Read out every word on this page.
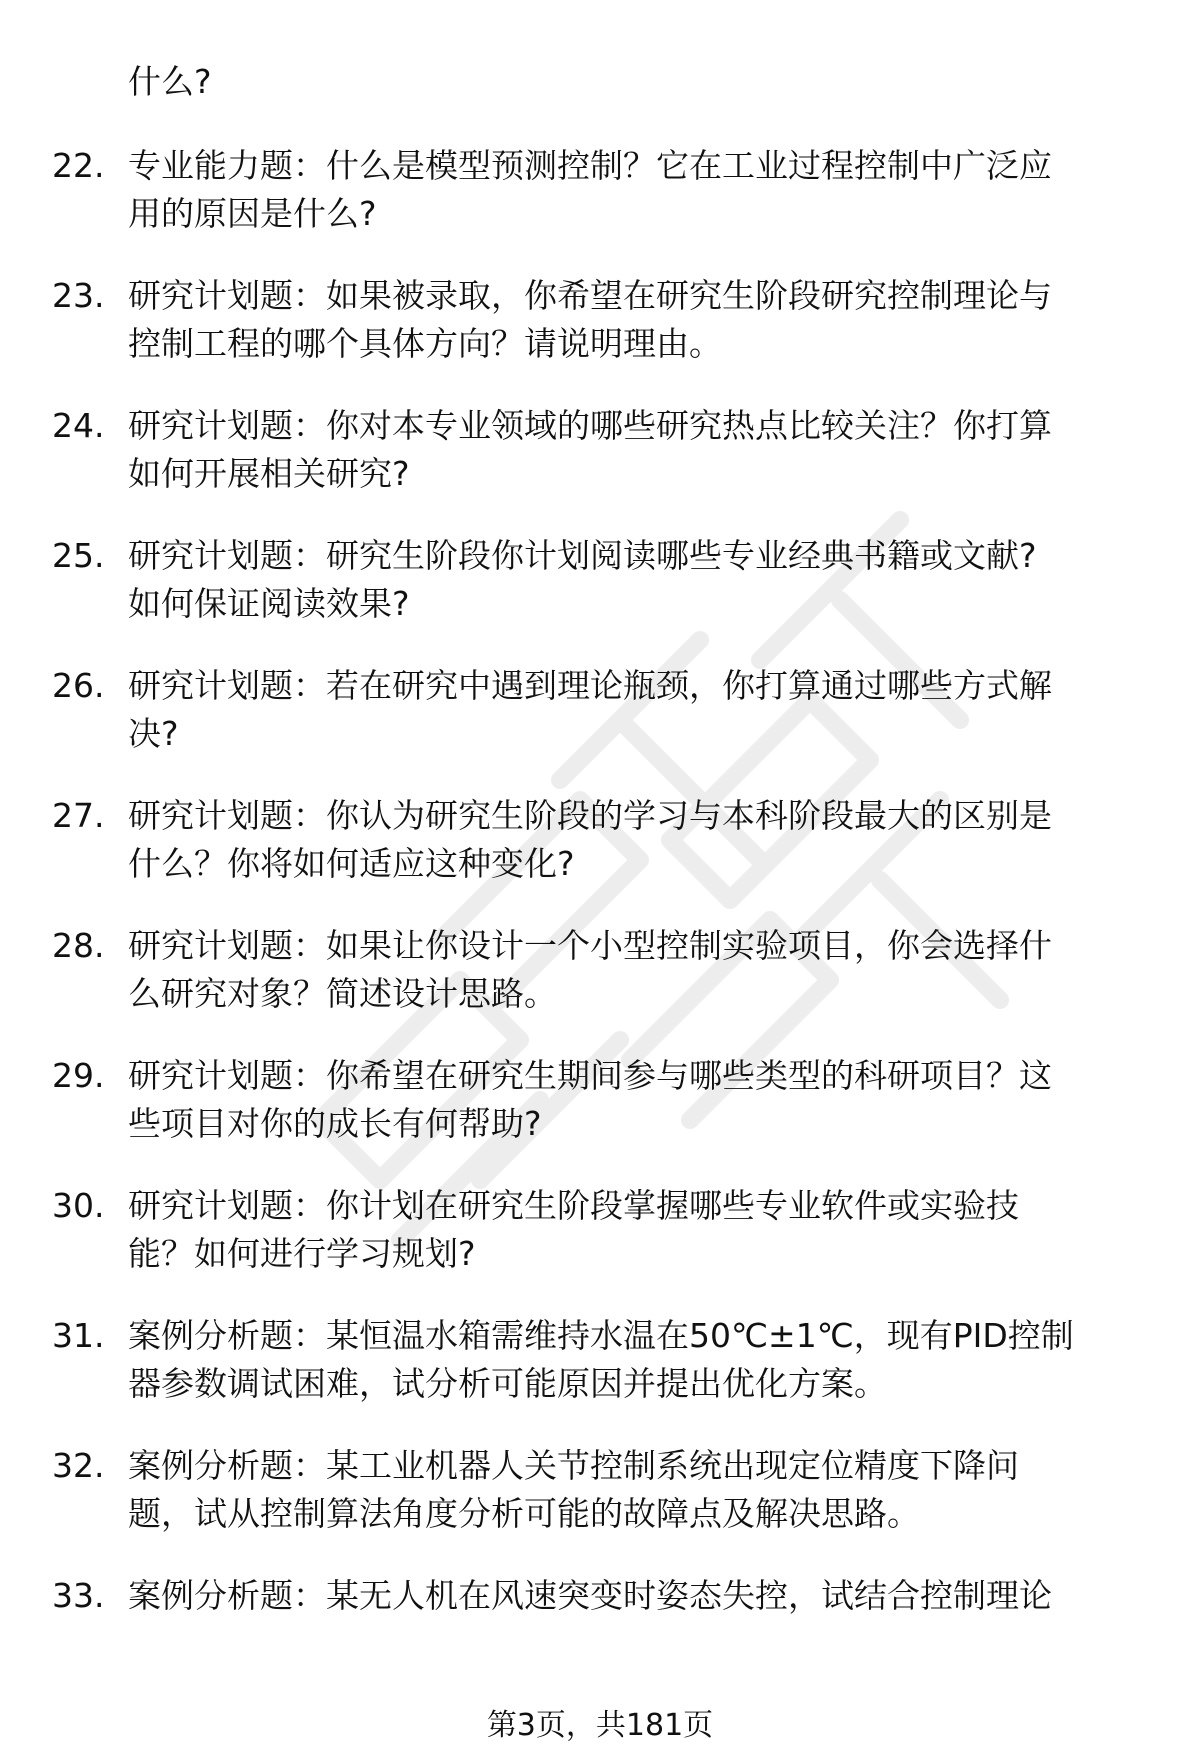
什么?
22. 专业能力题：什么是模型预测控制？它在工业过程控制中广泛应
用的原因是什么?
23. 研究计划题：如果被录取，你希望在研究生阶段研究控制理论与
控制工程的哪个具体方向？请说明理由。
24. 研究计划题：你对本专业领域的哪些研究热点比较关注？你打算
如何开展相关研究?
25. 研究计划题：研究生阶段你计划阅读哪些专业经典书籍或文献?
如何保证阅读效果?
26. 研究计划题：若在研究中遇到理论瓶颈，你打算通过哪些方式解
决?
27. 研究计划题：你认为研究生阶段的学习与本科阶段最大的区别是
什么？你将如何适应这种变化?
28. 研究计划题：如果让你设计一个小型控制实验项目，你会选择什
么研究对象？简述设计思路。
29. 研究计划题：你希望在研究生期间参与哪些类型的科研项目？这
些项目对你的成长有何帮助?
30. 研究计划题：你计划在研究生阶段掌握哪些专业软件或实验技
能？如何进行学习规划?
31. 案例分析题：某恒温水箱需维持水温在50℃±1℃，现有PID控制
器参数调试困难，试分析可能原因并提出优化方案。
32. 案例分析题：某工业机器人关节控制系统出现定位精度下降问
题，试从控制算法角度分析可能的故障点及解决思路。
33. 案例分析题：某无人机在风速突变时姿态失控，试结合控制理论
第3页，共181页
